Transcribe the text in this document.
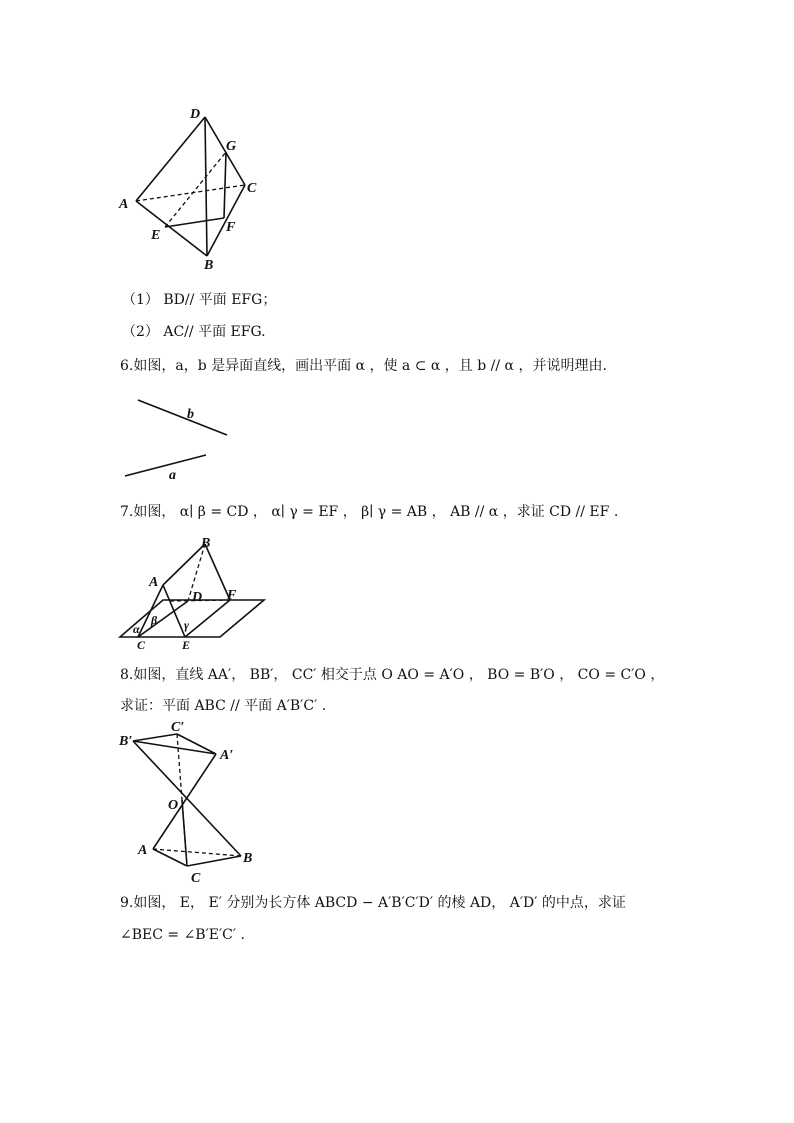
D
G
C
A
E
F
B
（1） BD// 平面 EFG；
（2） AC// 平面 EFG.
6.如图，a，b 是异面直线，画出平面 α ，使 a ⊂ α ，且 b // α ，并说明理由.
b
a
7.如图， α∣ β = CD ， α∣ γ = EF ， β∣ γ = AB ， AB // α ，求证 CD // EF .
B
A
D F
α
β γ
C	E
8.如图，直线 AA′， BB′， CC′ 相交于点 O AO = A′O ， BO = B′O ， CO = C′O ，
求证：平面 ABC // 平面 A′B′C′ .
C′
B′
A′
O
A
B
C
9.如图， E， E′ 分别为长方体 ABCD − A′B′C′D′ 的棱 AD， A′D′ 的中点，求证
∠BEC = ∠B′E′C′ .
